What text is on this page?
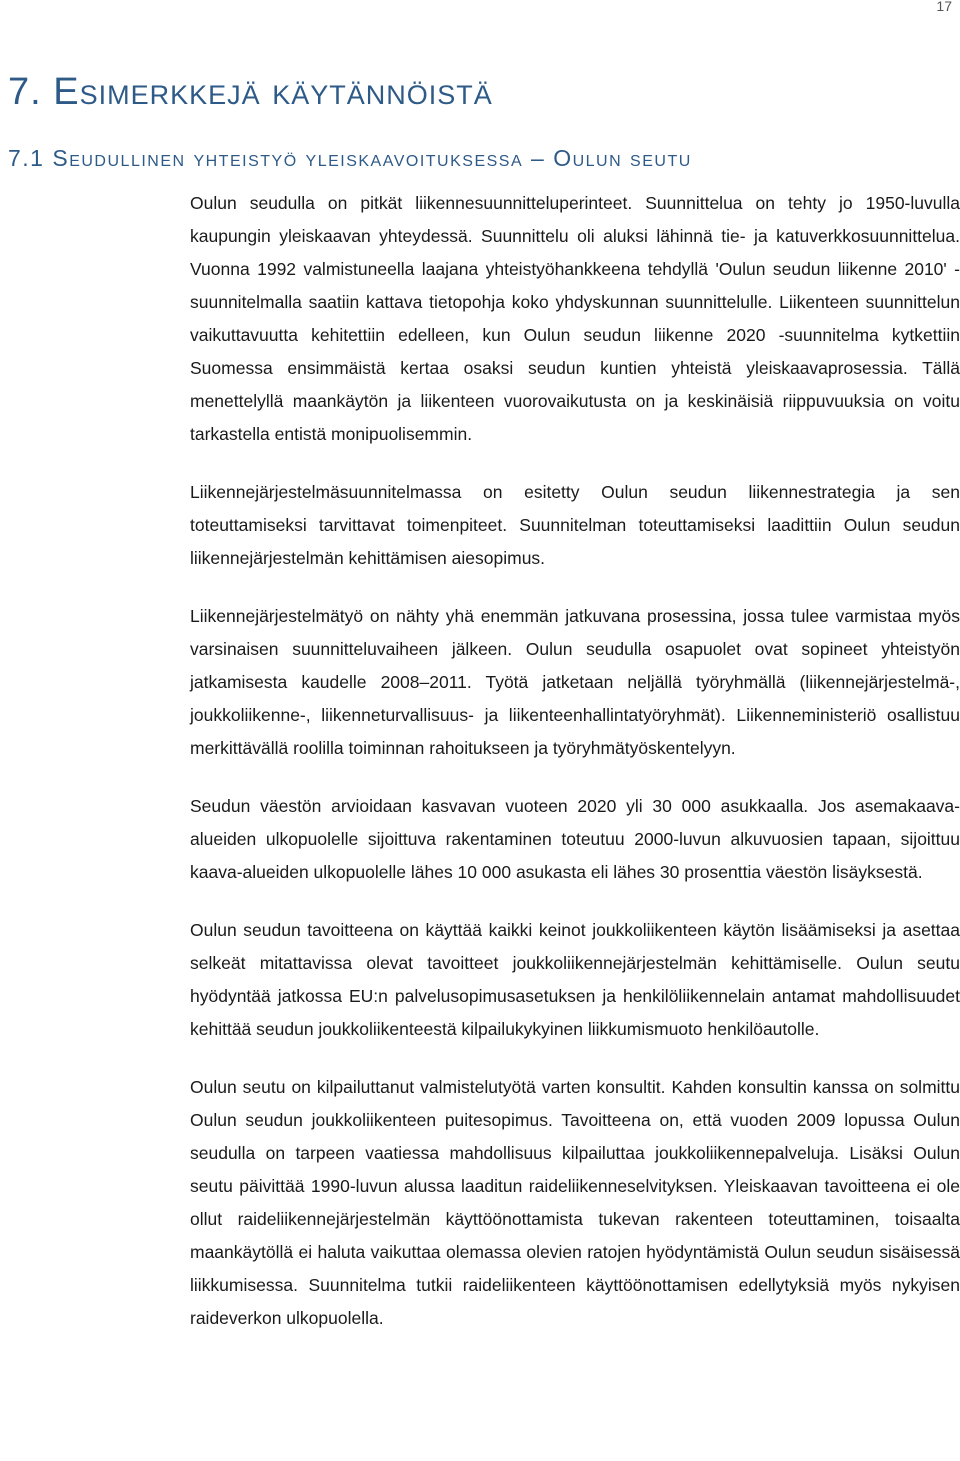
17
7. Esimerkkejä käytännöistä
7.1 Seudullinen yhteistyö yleiskaavoituksessa – Oulun seutu

Oulun seudulla on pitkät liikennesuunnitteluperinteet. Suunnittelua on tehty jo 1950-luvulla kaupungin yleiskaavan yhteydessä. Suunnittelu oli aluksi lähinnä tie- ja katuverkkosuunnittelua. Vuonna 1992 valmistuneella laajana yhteistyöhankkeena tehdyllä 'Oulun seudun liikenne 2010' -suunnitelmalla saatiin kattava tietopohja koko yhdyskunnan suunnittelulle. Liikenteen suunnittelun vaikuttavuutta kehitettiin edelleen, kun Oulun seudun liikenne 2020 -suunnitelma kytkettiin Suomessa ensimmäistä kertaa osaksi seudun kuntien yhteistä yleiskaavaprosessia. Tällä menettelyllä maankäytön ja liikenteen vuorovaikutusta on ja keskinäisiä riippuvuuksia on voitu tarkastella entistä monipuolisemmin.

Liikennejärjestelmäsuunnitelmassa on esitetty Oulun seudun liikennestrategia ja sen toteuttamiseksi tarvittavat toimenpiteet. Suunnitelman toteuttamiseksi laadittiin Oulun seudun liikennejärjestelmän kehittämisen aiesopimus.

Liikennejärjestelmätyö on nähty yhä enemmän jatkuvana prosessina, jossa tulee varmistaa myös varsinaisen suunnitteluvaiheen jälkeen. Oulun seudulla osapuolet ovat sopineet yhteistyön jatkamisesta kaudelle 2008–2011. Työtä jatketaan neljällä työryhmällä (liikennejärjestelmä-, joukkoliikenne-, liikenneturvallisuus- ja liikenteenhallintatyöryhmät). Liikenneministeriö osallistuu merkittävällä roolilla toiminnan rahoitukseen ja työryhmätyöskentelyyn.

Seudun väestön arvioidaan kasvavan vuoteen 2020 yli 30 000 asukkaalla. Jos asemakaava-alueiden ulkopuolelle sijoittuva rakentaminen toteutuu 2000-luvun alkuvuosien tapaan, sijoittuu kaava-alueiden ulkopuolelle lähes 10 000 asukasta eli lähes 30 prosenttia väestön lisäyksestä.

Oulun seudun tavoitteena on käyttää kaikki keinot joukkoliikenteen käytön lisäämiseksi ja asettaa selkeät mitattavissa olevat tavoitteet joukkoliikennejärjestelmän kehittämiselle. Oulun seutu hyödyntää jatkossa EU:n palvelusopimusasetuksen ja henkilöliikennelain antamat mahdollisuudet kehittää seudun joukkoliikenteestä kilpailukykyinen liikkumismuoto henkilöautolle.

Oulun seutu on kilpailuttanut valmistelutyötä varten konsultit. Kahden konsultin kanssa on solmittu Oulun seudun joukkoliikenteen puitesopimus. Tavoitteena on, että vuoden 2009 lopussa Oulun seudulla on tarpeen vaatiessa mahdollisuus kilpailuttaa joukkoliikennepalveluja. Lisäksi Oulun seutu päivittää 1990-luvun alussa laaditun raideliikenneselvityksen. Yleiskaavan tavoitteena ei ole ollut raideliikennejärjestelmän käyttöönottamista tukevan rakenteen toteuttaminen, toisaalta maankäytöllä ei haluta vaikuttaa olemassa olevien ratojen hyödyntämistä Oulun seudun sisäisessä liikkumisessa. Suunnitelma tutkii raideliikenteen käyttöönottamisen edellytyksiä myös nykyisen raideverkon ulkopuolella.
